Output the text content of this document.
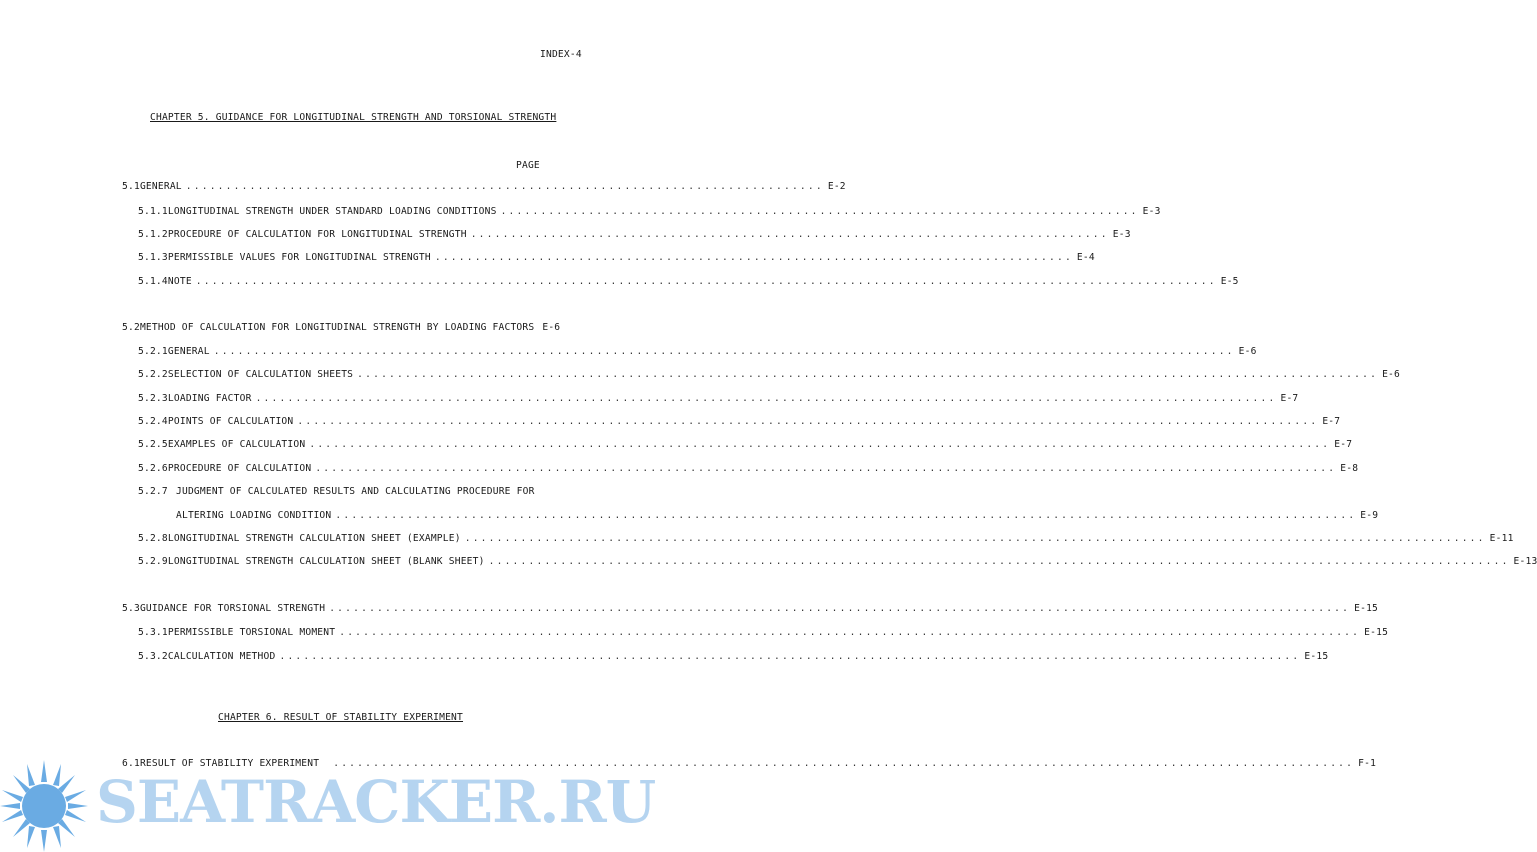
INDEX-4
CHAPTER 5. GUIDANCE FOR LONGITUDINAL STRENGTH AND TORSIONAL STRENGTH
PAGE
5.1 GENERAL ................................................................................ E-2
5.1.1 LONGITUDINAL STRENGTH UNDER STANDARD LOADING CONDITIONS ................................................................................ E-3
5.1.2 PROCEDURE OF CALCULATION FOR LONGITUDINAL STRENGTH ................................................................................ E-3
5.1.3 PERMISSIBLE VALUES FOR LONGITUDINAL STRENGTH ................................................................................ E-4
5.1.4 NOTE ................................................................................................................................ E-5
5.2 METHOD OF CALCULATION FOR LONGITUDINAL STRENGTH BY LOADING FACTORS E-6
5.2.1 GENERAL ................................................................................................................................ E-6
5.2.2 SELECTION OF CALCULATION SHEETS ................................................................................................................................ E-6
5.2.3 LOADING FACTOR ................................................................................................................................ E-7
5.2.4 POINTS OF CALCULATION ................................................................................................................................ E-7
5.2.5 EXAMPLES OF CALCULATION ................................................................................................................................ E-7
5.2.6 PROCEDURE OF CALCULATION ................................................................................................................................ E-8
5.2.7 JUDGMENT OF CALCULATED RESULTS AND CALCULATING PROCEDURE FOR
ALTERING LOADING CONDITION ................................................................................................................................ E-9
5.2.8 LONGITUDINAL STRENGTH CALCULATION SHEET (EXAMPLE) ................................................................................................................................ E-11
5.2.9 LONGITUDINAL STRENGTH CALCULATION SHEET (BLANK SHEET) ................................................................................................................................ E-13
5.3 GUIDANCE FOR TORSIONAL STRENGTH ................................................................................................................................ E-15
5.3.1 PERMISSIBLE TORSIONAL MOMENT ................................................................................................................................ E-15
5.3.2 CALCULATION METHOD ................................................................................................................................ E-15
CHAPTER 6. RESULT OF STABILITY EXPERIMENT
6.1 RESULT OF STABILITY EXPERIMENT ................................................................................................................................ F-1
SEATRACKER.RU
